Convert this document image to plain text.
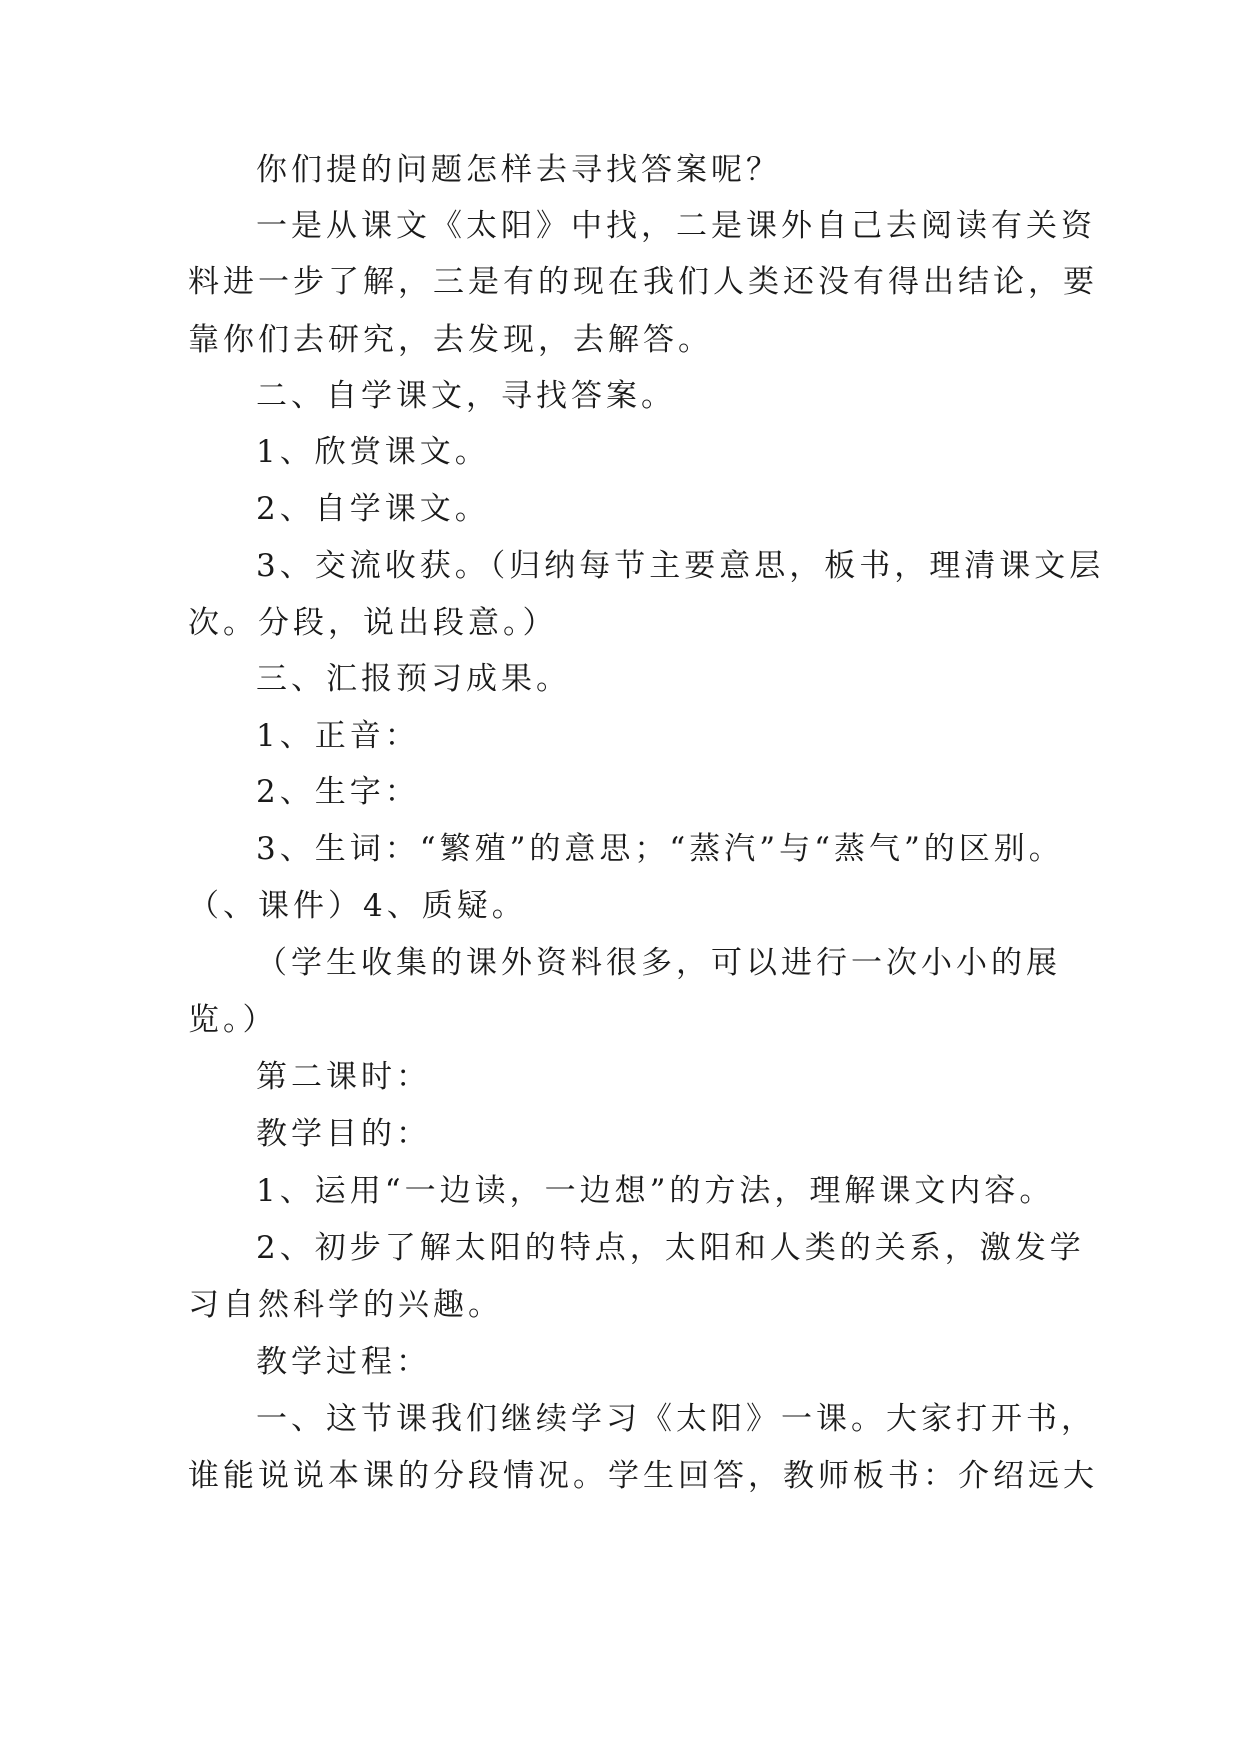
你们提的问题怎样去寻找答案呢？
一是从课文《太阳》中找，二是课外自己去阅读有关资
料进一步了解，三是有的现在我们人类还没有得出结论，要
靠你们去研究，去发现，去解答。
二、自学课文，寻找答案。
1、欣赏课文。
2、自学课文。
3、交流收获。（归纳每节主要意思，板书，理清课文层
次。分段，说出段意。）
三、汇报预习成果。
1、正音：
2、生字：
3、生词：“繁殖”的意思；“蒸汽”与“蒸气”的区别。
（、课件）4、质疑。
（学生收集的课外资料很多，可以进行一次小小的展
览。）
第二课时：
教学目的：
1、运用“一边读，一边想”的方法，理解课文内容。
2、初步了解太阳的特点，太阳和人类的关系，激发学
习自然科学的兴趣。
教学过程：
一、这节课我们继续学习《太阳》一课。大家打开书，
谁能说说本课的分段情况。学生回答，教师板书：介绍远大
